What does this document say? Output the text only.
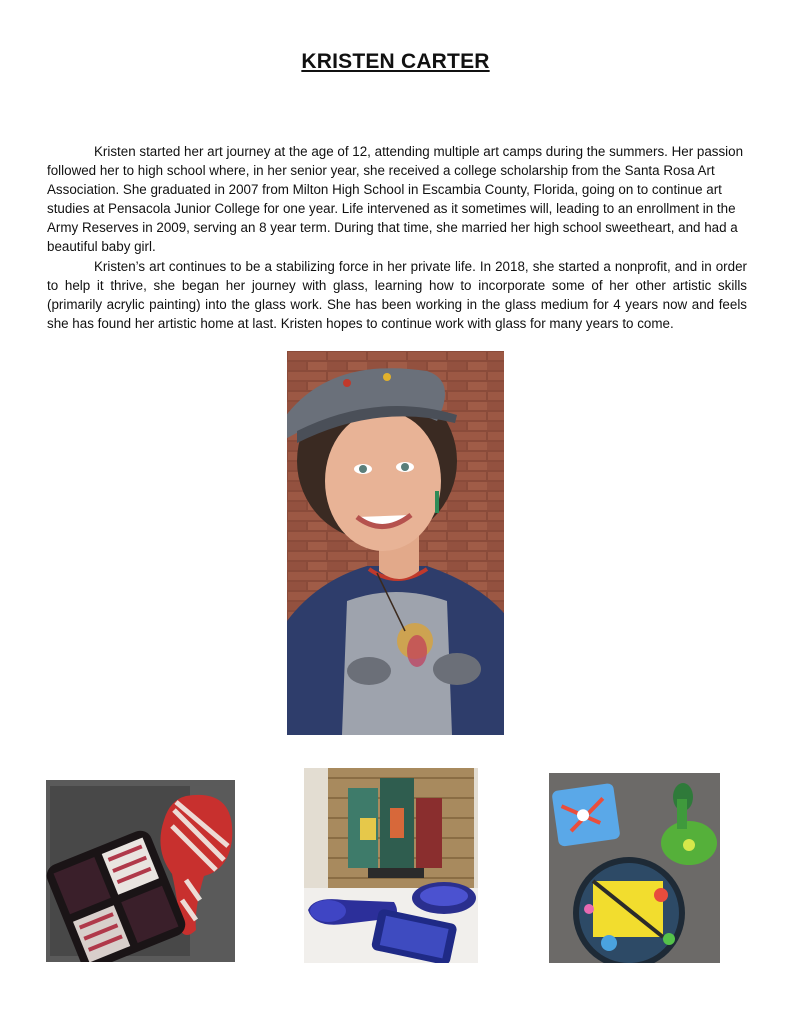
KRISTEN CARTER

Kristen started her art journey at the age of 12, attending multiple art camps during the summers. Her passion followed her to high school where, in her senior year, she received a college scholarship from the Santa Rosa Art Association. She graduated in 2007 from Milton High School in Escambia County, Florida, going on to continue art studies at Pensacola Junior College for one year. Life intervened as it sometimes will, leading to an enrollment in the Army Reserves in 2009, serving an 8 year term. During that time, she married her high school sweetheart, and had a beautiful baby girl.

Kristen’s art continues to be a stabilizing force in her private life. In 2018, she started a nonprofit, and in order to help it thrive, she began her journey with glass, learning how to incorporate some of her other artistic skills (primarily acrylic painting) into the glass work. She has been working in the glass medium for 4 years now and feels she has found her artistic home at last. Kristen hopes to continue work with glass for many years to come.
